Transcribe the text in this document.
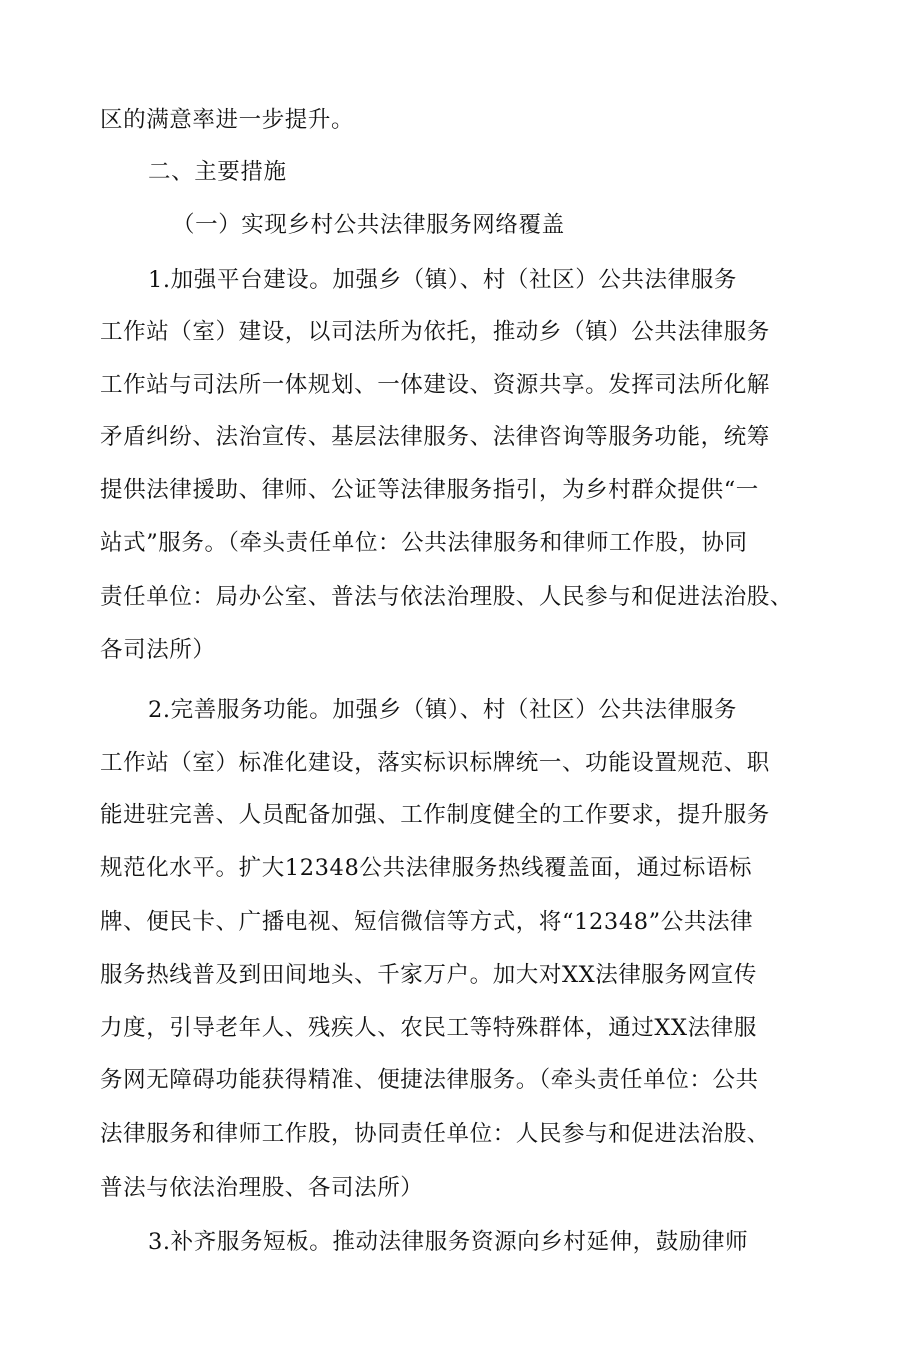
区的满意率进一步提升。
二、主要措施
（一）实现乡村公共法律服务网络覆盖
1.加强平台建设。加强乡（镇）、村（社区）公共法律服务
工作站（室）建设，以司法所为依托，推动乡（镇）公共法律服务
工作站与司法所一体规划、一体建设、资源共享。发挥司法所化解
矛盾纠纷、法治宣传、基层法律服务、法律咨询等服务功能，统筹
提供法律援助、律师、公证等法律服务指引，为乡村群众提供“一
站式”服务。（牵头责任单位：公共法律服务和律师工作股，协同
责任单位：局办公室、普法与依法治理股、人民参与和促进法治股、
各司法所）
2.完善服务功能。加强乡（镇）、村（社区）公共法律服务
工作站（室）标准化建设，落实标识标牌统一、功能设置规范、职
能进驻完善、人员配备加强、工作制度健全的工作要求，提升服务
规范化水平。扩大12348公共法律服务热线覆盖面，通过标语标
牌、便民卡、广播电视、短信微信等方式，将“12348”公共法律
服务热线普及到田间地头、千家万户。加大对XX法律服务网宣传
力度，引导老年人、残疾人、农民工等特殊群体，通过XX法律服
务网无障碍功能获得精准、便捷法律服务。（牵头责任单位：公共
法律服务和律师工作股，协同责任单位：人民参与和促进法治股、
普法与依法治理股、各司法所）
3.补齐服务短板。推动法律服务资源向乡村延伸，鼓励律师
